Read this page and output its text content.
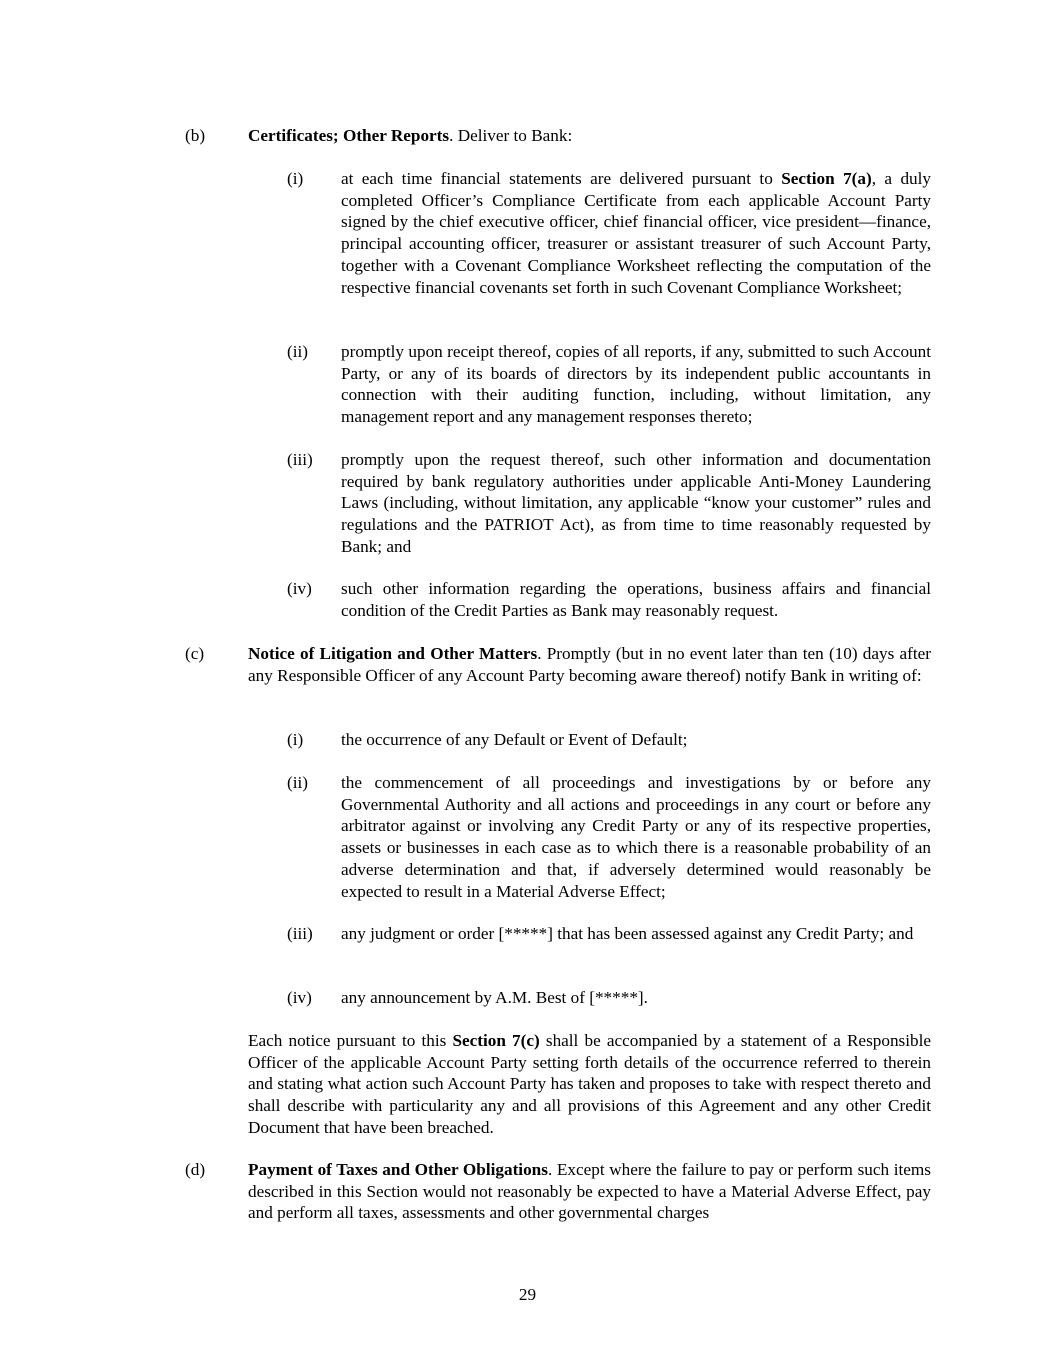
(b) Certificates; Other Reports. Deliver to Bank:

(i) at each time financial statements are delivered pursuant to Section 7(a), a duly completed Officer’s Compliance Certificate from each applicable Account Party signed by the chief executive officer, chief financial officer, vice president—finance, principal accounting officer, treasurer or assistant treasurer of such Account Party, together with a Covenant Compliance Worksheet reflecting the computation of the respective financial covenants set forth in such Covenant Compliance Worksheet;

(ii) promptly upon receipt thereof, copies of all reports, if any, submitted to such Account Party, or any of its boards of directors by its independent public accountants in connection with their auditing function, including, without limitation, any management report and any management responses thereto;

(iii) promptly upon the request thereof, such other information and documentation required by bank regulatory authorities under applicable Anti-Money Laundering Laws (including, without limitation, any applicable “know your customer” rules and regulations and the PATRIOT Act), as from time to time reasonably requested by Bank; and

(iv) such other information regarding the operations, business affairs and financial condition of the Credit Parties as Bank may reasonably request.

(c)	Notice of Litigation and Other Matters. Promptly (but in no event later than ten (10) days after any Responsible Officer of any Account Party becoming aware thereof) notify Bank in writing of:

(i) the occurrence of any Default or Event of Default;

(ii) the commencement of all proceedings and investigations by or before any Governmental Authority and all actions and proceedings in any court or before any arbitrator against or involving any Credit Party or any of its respective properties, assets or businesses in each case as to which there is a reasonable probability of an adverse determination and that, if adversely determined would reasonably be expected to result in a Material Adverse Effect;

(iii) any judgment or order [*****] that has been assessed against any Credit Party; and

(iv) any announcement by A.M. Best of [*****].

Each notice pursuant to this Section 7(c) shall be accompanied by a statement of a Responsible Officer of the applicable Account Party setting forth details of the occurrence referred to therein and stating what action such Account Party has taken and proposes to take with respect thereto and shall describe with particularity any and all provisions of this Agreement and any other Credit Document that have been breached.

(d) Payment of Taxes and Other Obligations. Except where the failure to pay or perform such items described in this Section would not reasonably be expected to have a Material Adverse Effect, pay and perform all taxes, assessments and other governmental charges

29
